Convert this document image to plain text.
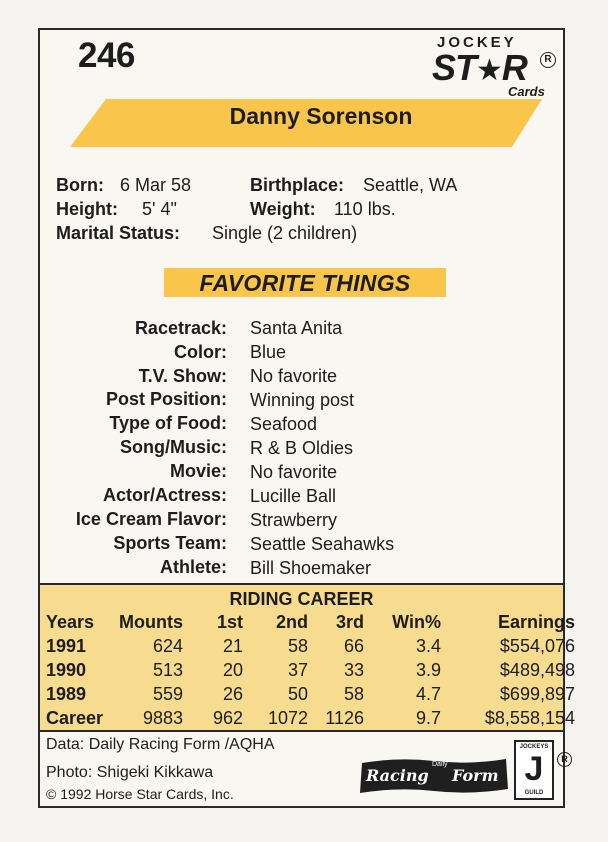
246	JOCKEY
ST★R	R
Cards
Danny Sorenson
Born: 6 Mar 58	Birthplace: Seattle, WA
Height: 5' 4"	Weight: 110 lbs.
Marital Status: Single (2 children)
FAVORITE THINGS
Racetrack: Santa Anita
Color: Blue
T.V. Show: No favorite
Post Position: Winning post
Type of Food: Seafood
Song/Music: R & B Oldies
Movie: No favorite
Actor/Actress: Lucille Ball
Ice Cream Flavor: Strawberry
Sports Team: Seattle Seahawks
Athlete: Bill Shoemaker
RIDING CAREER
Years Mounts 1st 2nd 3rd Win%	Earnings
1991	624 21 58 66	3.4	$554,076
1990	513 20 37 33	3.9	$489,498
1989	559 26 50 58	4.7	$699,897
Career 9883 962 1072 1126	9.7 $8,558,154
Data: Daily Racing Form /AQHA
Photo: Shigeki Kikkawa
© 1992 Horse Star Cards, Inc.
Racing
Daily
Form
JOCKEYS
J
GUILD
R
